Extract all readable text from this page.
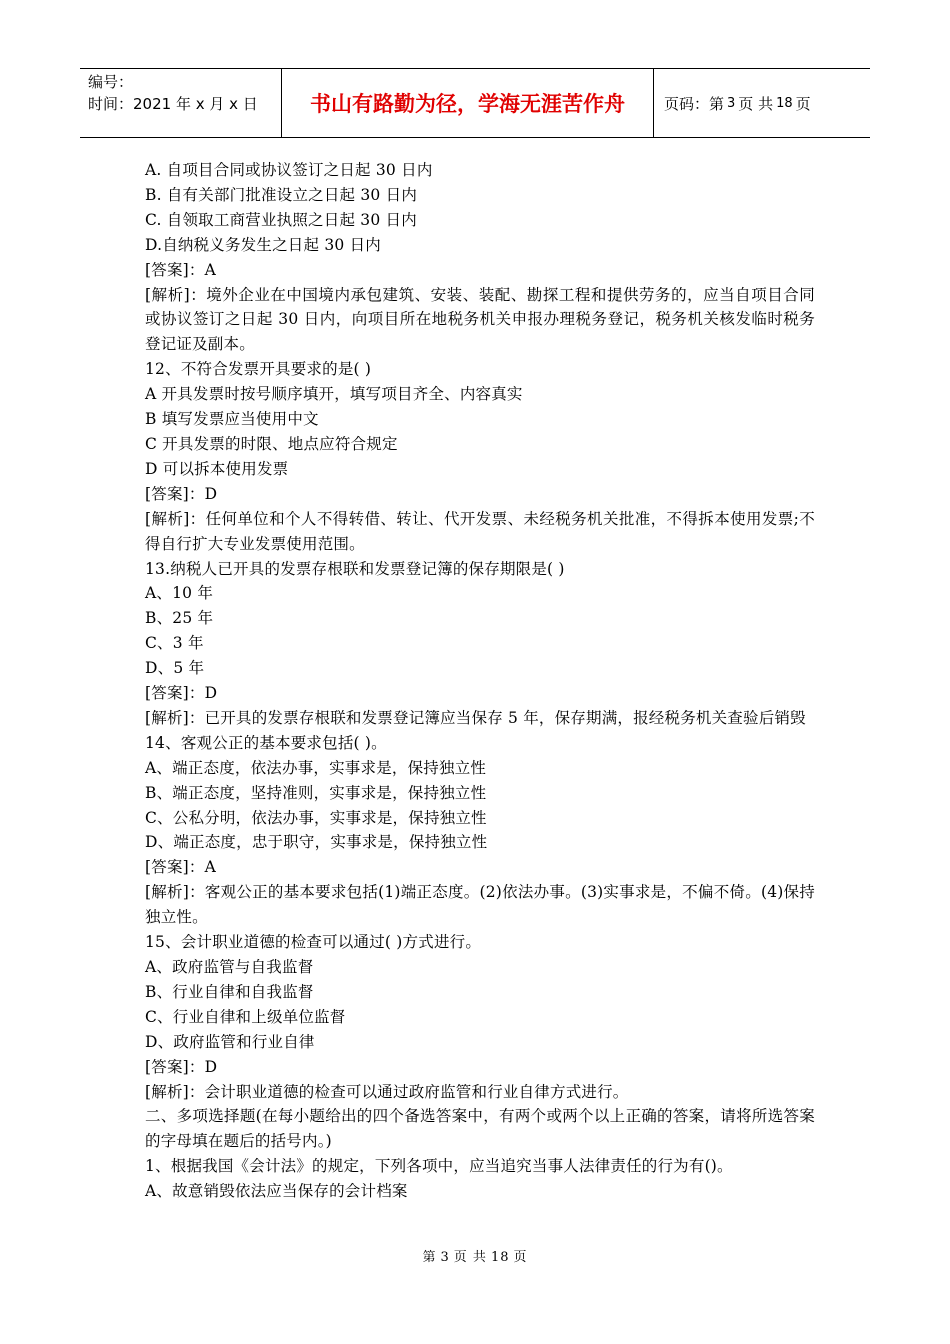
编号：
时间：2021 年 x 月 x 日	书山有路勤为径，学海无涯苦作舟	页码：第 3 页 共 18 页
A. 自项目合同或协议签订之日起 30 日内
B. 自有关部门批准设立之日起 30 日内
C. 自领取工商营业执照之日起 30 日内
D.自纳税义务发生之日起 30 日内
[答案]：A
[解析]：境外企业在中国境内承包建筑、安装、装配、勘探工程和提供劳务的，应当自项目合同或协议签订之日起 30 日内，向项目所在地税务机关申报办理税务登记，税务机关核发临时税务登记证及副本。
12、不符合发票开具要求的是( )
A 开具发票时按号顺序填开，填写项目齐全、内容真实
B 填写发票应当使用中文
C 开具发票的时限、地点应符合规定
D 可以拆本使用发票
[答案]：D
[解析]：任何单位和个人不得转借、转让、代开发票、未经税务机关批准，不得拆本使用发票;不得自行扩大专业发票使用范围。
13.纳税人已开具的发票存根联和发票登记簿的保存期限是( )
A、10 年
B、25 年
C、3 年
D、5 年
[答案]：D
[解析]：已开具的发票存根联和发票登记簿应当保存 5 年，保存期满，报经税务机关查验后销毁
14、客观公正的基本要求包括( )。
A、端正态度，依法办事，实事求是，保持独立性
B、端正态度，坚持准则，实事求是，保持独立性
C、公私分明，依法办事，实事求是，保持独立性
D、端正态度，忠于职守，实事求是，保持独立性
[答案]：A
[解析]：客观公正的基本要求包括(1)端正态度。(2)依法办事。(3)实事求是，不偏不倚。(4)保持独立性。
15、会计职业道德的检查可以通过( )方式进行。
A、政府监管与自我监督
B、行业自律和自我监督
C、行业自律和上级单位监督
D、政府监管和行业自律
[答案]：D
[解析]：会计职业道德的检查可以通过政府监管和行业自律方式进行。
二、多项选择题(在每小题给出的四个备选答案中，有两个或两个以上正确的答案，请将所选答案的字母填在题后的括号内。)
1、根据我国《会计法》的规定，下列各项中，应当追究当事人法律责任的行为有()。
A、故意销毁依法应当保存的会计档案
第 3 页 共 18 页
